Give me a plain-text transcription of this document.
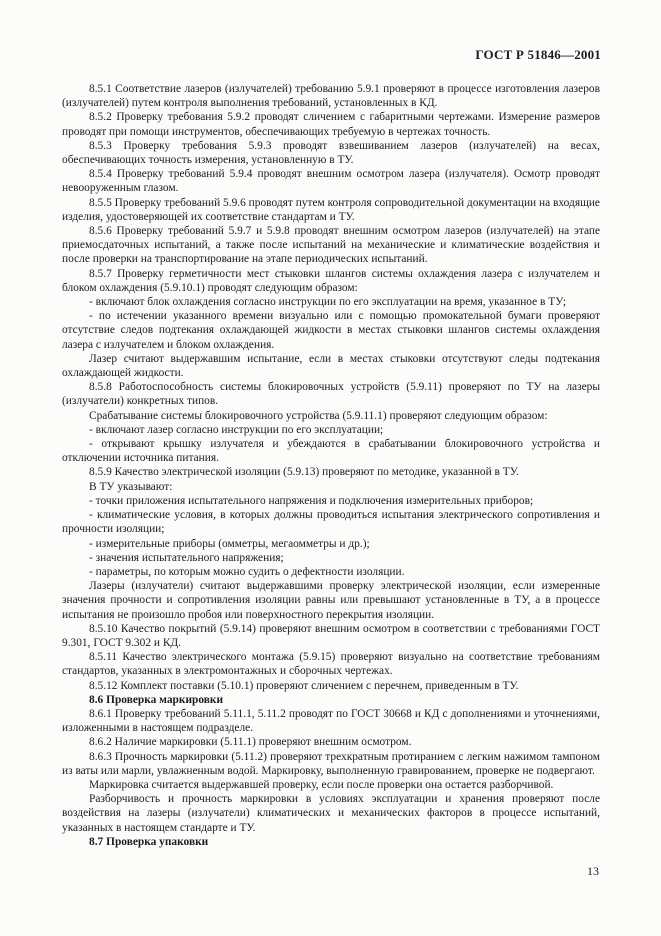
ГОСТ Р 51846—2001

8.5.1 Соответствие лазеров (излучателей) требованию 5.9.1 проверяют в процессе изготовления лазеров (излучателей) путем контроля выполнения требований, установленных в КД.

8.5.2 Проверку требования 5.9.2 проводят сличением с габаритными чертежами. Измерение размеров проводят при помощи инструментов, обеспечивающих требуемую в чертежах точность.

8.5.3 Проверку требования 5.9.3 проводят взвешиванием лазеров (излучателей) на весах, обеспечивающих точность измерения, установленную в ТУ.

8.5.4 Проверку требований 5.9.4 проводят внешним осмотром лазера (излучателя). Осмотр проводят невооруженным глазом.

8.5.5 Проверку требований 5.9.6 проводят путем контроля сопроводительной документации на входящие изделия, удостоверяющей их соответствие стандартам и ТУ.

8.5.6 Проверку требований 5.9.7 и 5.9.8 проводят внешним осмотром лазеров (излучателей) на этапе приемосдаточных испытаний, а также после испытаний на механические и климатические воздействия и после проверки на транспортирование на этапе периодических испытаний.

8.5.7 Проверку герметичности мест стыковки шлангов системы охлаждения лазера с излучателем и блоком охлаждения (5.9.10.1) проводят следующим образом:

- включают блок охлаждения согласно инструкции по его эксплуатации на время, указанное в ТУ;

- по истечении указанного времени визуально или с помощью промокательной бумаги проверяют отсутствие следов подтекания охлаждающей жидкости в местах стыковки шлангов системы охлаждения лазера с излучателем и блоком охлаждения.

Лазер считают выдержавшим испытание, если в местах стыковки отсутствуют следы подтекания охлаждающей жидкости.

8.5.8 Работоспособность системы блокировочных устройств (5.9.11) проверяют по ТУ на лазеры (излучатели) конкретных типов.

Срабатывание системы блокировочного устройства (5.9.11.1) проверяют следующим образом:

- включают лазер согласно инструкции по его эксплуатации;

- открывают крышку излучателя и убеждаются в срабатывании блокировочного устройства и отключении источника питания.

8.5.9 Качество электрической изоляции (5.9.13) проверяют по методике, указанной в ТУ.

В ТУ указывают:

- точки приложения испытательного напряжения и подключения измерительных приборов;

- климатические условия, в которых должны проводиться испытания электрического сопротивления и прочности изоляции;

- измерительные приборы (омметры, мегаомметры и др.);

- значения испытательного напряжения;

- параметры, по которым можно судить о дефектности изоляции.

Лазеры (излучатели) считают выдержавшими проверку электрической изоляции, если измеренные значения прочности и сопротивления изоляции равны или превышают установленные в ТУ, а в процессе испытания не произошло пробоя или поверхностного перекрытия изоляции.

8.5.10 Качество покрытий (5.9.14) проверяют внешним осмотром в соответствии с требованиями ГОСТ 9.301, ГОСТ 9.302 и КД.

8.5.11 Качество электрического монтажа (5.9.15) проверяют визуально на соответствие требованиям стандартов, указанных в электромонтажных и сборочных чертежах.

8.5.12 Комплект поставки (5.10.1) проверяют сличением с перечнем, приведенным в ТУ.

8.6 Проверка маркировки

8.6.1 Проверку требований 5.11.1, 5.11.2 проводят по ГОСТ 30668 и КД с дополнениями и уточнениями, изложенными в настоящем подразделе.

8.6.2 Наличие маркировки (5.11.1) проверяют внешним осмотром.

8.6.3 Прочность маркировки (5.11.2) проверяют трехкратным протиранием с легким нажимом тампоном из ваты или марли, увлажненным водой. Маркировку, выполненную гравированием, проверке не подвергают.

Маркировка считается выдержавшей проверку, если после проверки она остается разборчивой.

Разборчивость и прочность маркировки в условиях эксплуатации и хранения проверяют после воздействия на лазеры (излучатели) климатических и механических факторов в процессе испытаний, указанных в настоящем стандарте и ТУ.

8.7 Проверка упаковки

13
